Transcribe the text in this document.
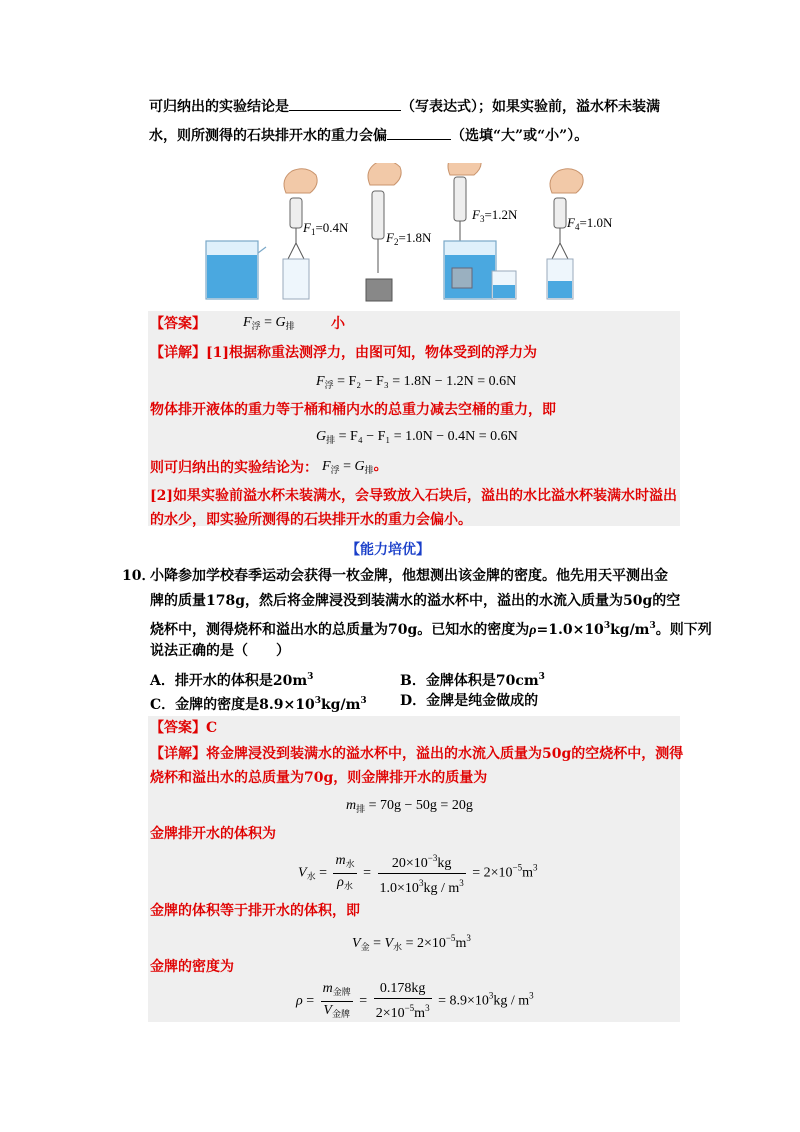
可归纳出的实验结论是	（写表达式）；如果实验前，溢水杯未装满
水，则所测得的石块排开水的重力会偏	（选填“大”或“小”）。
$F_1=0.4N$
$F_2=1.8N$
$F_3=1.2N$
$F_4=1.0N$
【答案】	$F_浮 = G_排$	小
【详解】[1]根据称重法测浮力，由图可知，物体受到的浮力为
$F_浮 = F_2 - F_3 = 1.8N - 1.2N = 0.6N$
物体排开液体的重力等于桶和桶内水的总重力减去空桶的重力，即
$G_排 = F_4 - F_1 = 1.0N - 0.4N = 0.6N$
则可归纳出的实验结论为： $F_浮 = G_排$。
[2]如果实验前溢水杯未装满水，会导致放入石块后，溢出的水比溢水杯装满水时溢出
的水少，即实验所测得的石块排开水的重力会偏小。
【能力培优】
10．
小降参加学校春季运动会获得一枚金牌，他想测出该金牌的密度。他先用天平测出金
牌的质量178g，然后将金牌浸没到装满水的溢水杯中，溢出的水流入质量为50g的空
烧杯中，测得烧杯和溢出水的总质量为70g。已知水的密度为$\rho=1.0\times 10^3kg/m^3$。则下列
说法正确的是（　　）
A．排开水的体积是$20m^3$	B．金牌体积是$70cm^3$
C．金牌的密度是$8.9\times 10^3kg/m^3$ D．金牌是纯金做成的
【答案】C
【详解】将金牌浸没到装满水的溢水杯中，溢出的水流入质量为50g的空烧杯中，测得
烧杯和溢出水的总质量为70g，则金牌排开水的质量为
$m_排 = 70g - 50g = 20g$
金牌排开水的体积为
$V_水 = \frac{m_水}{\rho_水} = \frac{20\times 10^{-3}kg}{1.0\times 10^3kg / m^3} = 2\times 10^{-5}m^3$
金牌的体积等于排开水的体积，即
$V_金 = V_水 = 2\times 10^{-5}m^3$
金牌的密度为
$\rho = \frac{m_{金牌}}{V_{金牌}} = \frac{0.178kg}{2\times 10^{-5}m^3} = 8.9\times 10^3kg / m^3$
